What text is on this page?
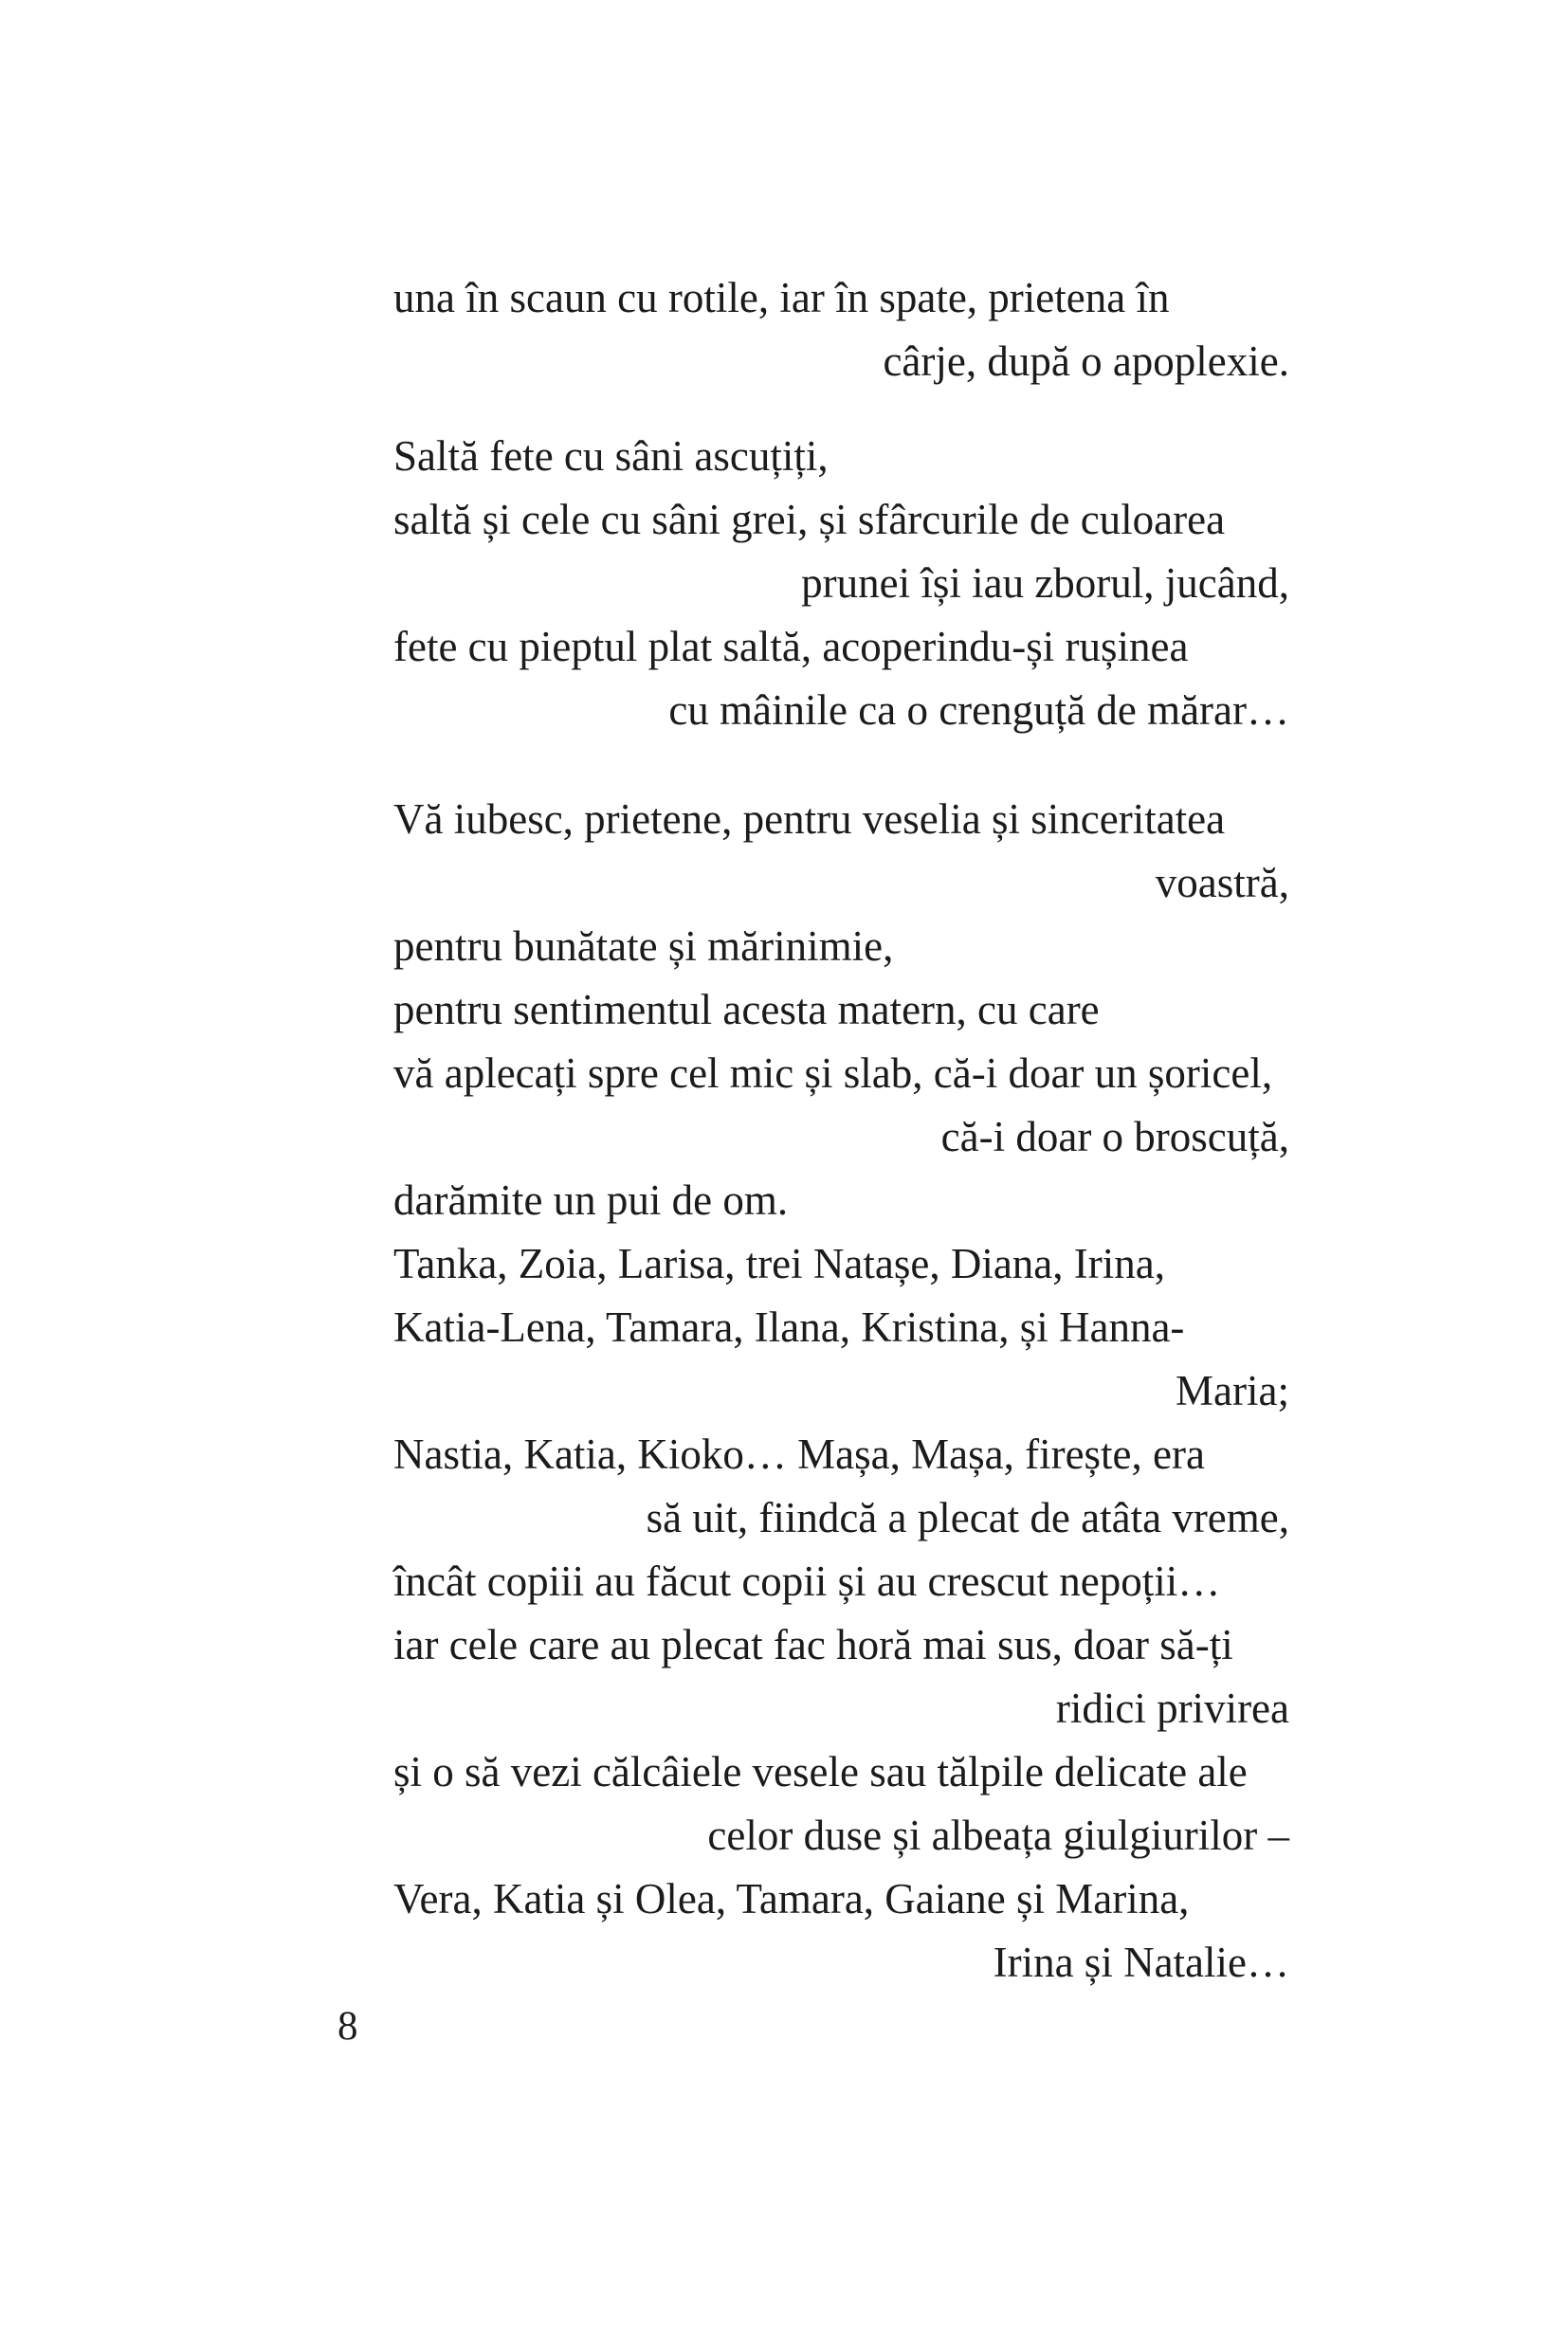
una în scaun cu rotile, iar în spate, prietena în
cârje, după o apoplexie.
Saltă fete cu sâni ascuțiți,
saltă și cele cu sâni grei, și sfârcurile de culoarea
prunei își iau zborul, jucând,
fete cu pieptul plat saltă, acoperindu-și rușinea
cu mâinile ca o crenguță de mărar…
Vă iubesc, prietene, pentru veselia și sinceritatea
voastră,
pentru bunătate și mărinimie,
pentru sentimentul acesta matern, cu care
vă aplecați spre cel mic și slab, că-i doar un șoricel,
că-i doar o broscuță,
darămite un pui de om.
Tanka, Zoia, Larisa, trei Natașe, Diana, Irina,
Katia-Lena, Tamara, Ilana, Kristina, și Hanna-
Maria;
Nastia, Katia, Kioko… Mașa, Mașa, firește, era
să uit, fiindcă a plecat de atâta vreme,
încât copiii au făcut copii și au crescut nepoții…
iar cele care au plecat fac horă mai sus, doar să-ți
ridici privirea
și o să vezi călcâiele vesele sau tălpile delicate ale
celor duse și albeața giulgiurilor –
Vera, Katia și Olea, Tamara, Gaiane și Marina,
Irina și Natalie…
8
